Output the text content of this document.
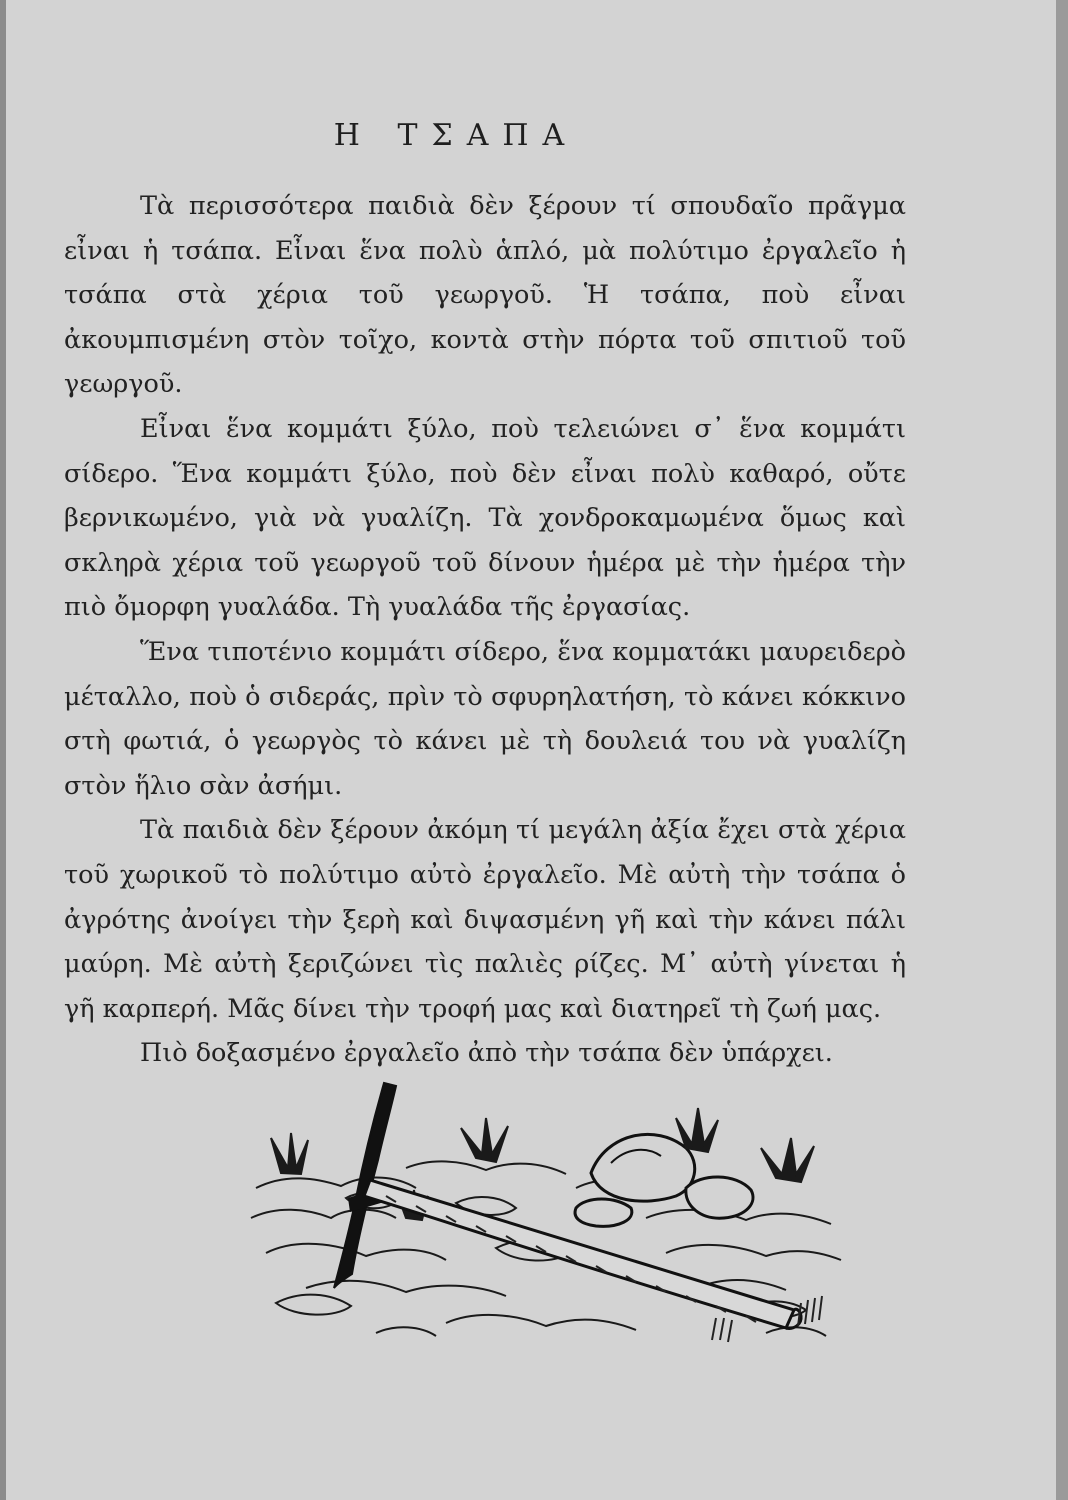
Η ΤΣΑΠΑ

Τὰ περισσότερα παιδιὰ δὲν ξέρουν τί σπουδαῖο πρᾶγμα εἶναι ἡ τσάπα. Εἶναι ἕνα πολὺ ἁπλό, μὰ πολύτιμο ἐργαλεῖο ἡ τσάπα στὰ χέρια τοῦ γεωργοῦ. Ἡ τσάπα, ποὺ εἶναι ἀκουμπισμένη στὸν τοῖχο, κοντὰ στὴν πόρτα τοῦ σπιτιοῦ τοῦ γεωργοῦ.

Εἶναι ἕνα κομμάτι ξύλο, ποὺ τελειώνει σ᾽ ἕνα κομμάτι σίδερο. Ἕνα κομμάτι ξύλο, ποὺ δὲν εἶναι πολὺ καθαρό, οὔτε βερνικωμένο, γιὰ νὰ γυαλίζη. Τὰ χονδροκαμωμένα ὅμως καὶ σκληρὰ χέρια τοῦ γεωργοῦ τοῦ δίνουν ἡμέρα μὲ τὴν ἡμέρα τὴν πιὸ ὄμορφη γυαλάδα. Τὴ γυαλάδα τῆς ἐργασίας.

Ἕνα τιποτένιο κομμάτι σίδερο, ἕνα κομματάκι μαυρειδερὸ μέταλλο, ποὺ ὁ σιδεράς, πρὶν τὸ σφυρηλατήση, τὸ κάνει κόκκινο στὴ φωτιά, ὁ γεωργὸς τὸ κάνει μὲ τὴ δουλειά του νὰ γυαλίζη στὸν ἥλιο σὰν ἀσήμι.

Τὰ παιδιὰ δὲν ξέρουν ἀκόμη τί μεγάλη ἀξία ἔχει στὰ χέρια τοῦ χωρικοῦ τὸ πολύτιμο αὐτὸ ἐργαλεῖο. Μὲ αὐτὴ τὴν τσάπα ὁ ἀγρότης ἀνοίγει τὴν ξερὴ καὶ διψασμένη γῆ καὶ τὴν κάνει πάλι μαύρη. Μὲ αὐτὴ ξεριζώνει τὶς παλιὲς ρίζες. Μ᾽ αὐτὴ γίνεται ἡ γῆ καρπερή. Μᾶς δίνει τὴν τροφή μας καὶ διατηρεῖ τὴ ζωή μας.

Πιὸ δοξασμένο ἐργαλεῖο ἀπὸ τὴν τσάπα δὲν ὑπάρχει.
